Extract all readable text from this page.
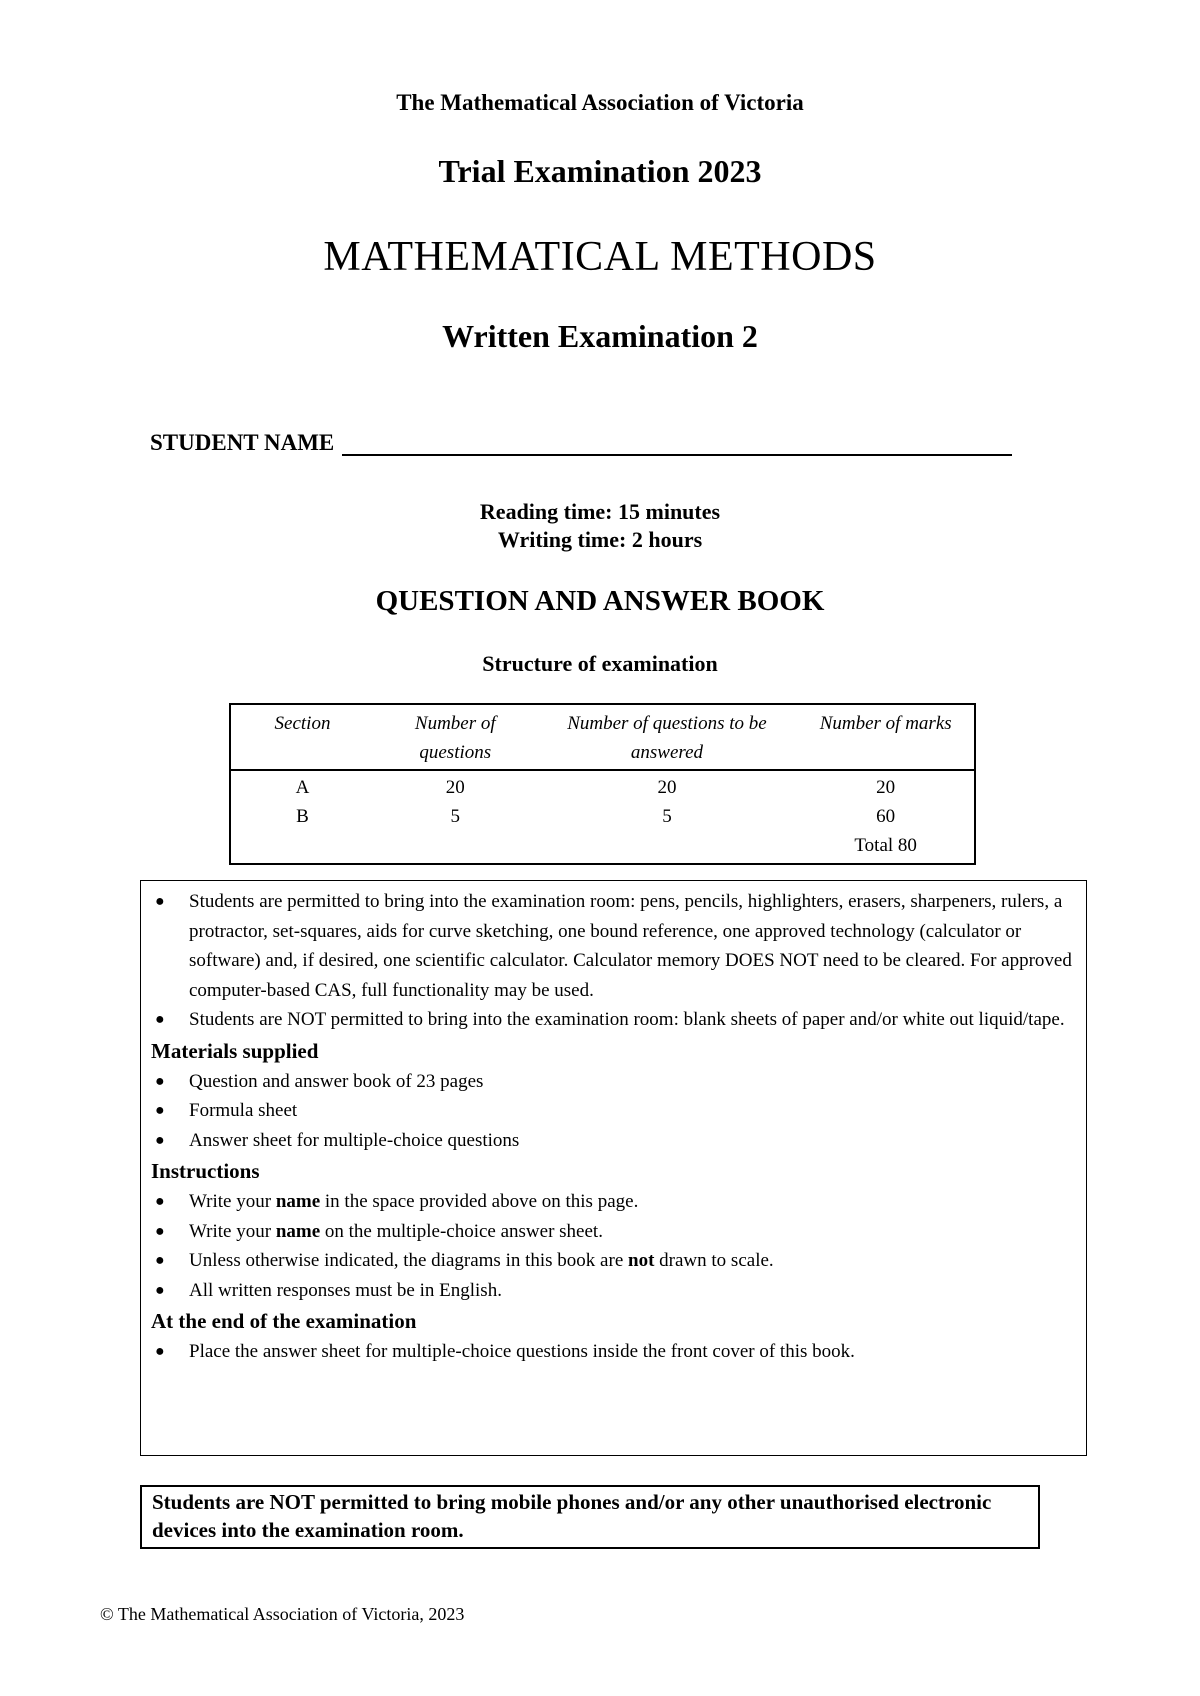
The Mathematical Association of Victoria
Trial Examination 2023
MATHEMATICAL METHODS
Written Examination 2
STUDENT NAME
Reading time: 15 minutes
Writing time: 2 hours
QUESTION AND ANSWER BOOK
Structure of examination
Section	Number of questions	Number of questions to be answered	Number of marks
A	20	20	20
B	5	5	60
			Total 80
● Students are permitted to bring into the examination room: pens, pencils, highlighters, erasers, sharpeners, rulers, a protractor, set-squares, aids for curve sketching, one bound reference, one approved technology (calculator or software) and, if desired, one scientific calculator. Calculator memory DOES NOT need to be cleared. For approved computer-based CAS, full functionality may be used.
● Students are NOT permitted to bring into the examination room: blank sheets of paper and/or white out liquid/tape.
Materials supplied
● Question and answer book of 23 pages
● Formula sheet
● Answer sheet for multiple-choice questions
Instructions
● Write your name in the space provided above on this page.
● Write your name on the multiple-choice answer sheet.
● Unless otherwise indicated, the diagrams in this book are not drawn to scale.
● All written responses must be in English.
At the end of the examination
● Place the answer sheet for multiple-choice questions inside the front cover of this book.
Students are NOT permitted to bring mobile phones and/or any other unauthorised electronic devices into the examination room.
© The Mathematical Association of Victoria, 2023
